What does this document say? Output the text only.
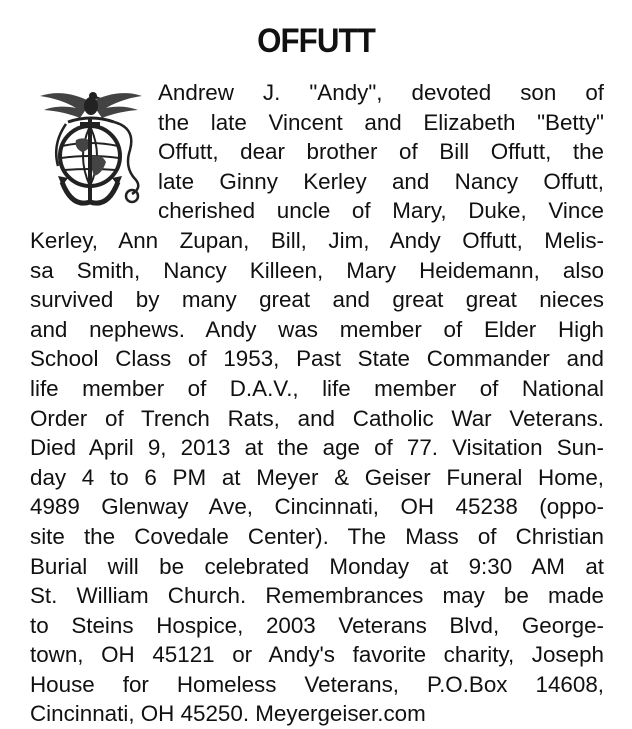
OFFUTT
Andrew J. "Andy", devoted son of
the late Vincent and Elizabeth "Betty"
Offutt, dear brother of Bill Offutt, the
late Ginny Kerley and Nancy Offutt,
cherished uncle of Mary, Duke, Vince
Kerley, Ann Zupan, Bill, Jim, Andy Offutt, Melis-
sa Smith, Nancy Killeen, Mary Heidemann, also
survived by many great and great great nieces
and nephews. Andy was member of Elder High
School Class of 1953, Past State Commander and
life member of D.A.V., life member of National
Order of Trench Rats, and Catholic War Veterans.
Died April 9, 2013 at the age of 77. Visitation Sun-
day 4 to 6 PM at Meyer & Geiser Funeral Home,
4989 Glenway Ave, Cincinnati, OH 45238 (oppo-
site the Covedale Center). The Mass of Christian
Burial will be celebrated Monday at 9:30 AM at
St. William Church. Remembrances may be made
to Steins Hospice, 2003 Veterans Blvd, George-
town, OH 45121 or Andy's favorite charity, Joseph
House for Homeless Veterans, P.O.Box 14608,
Cincinnati, OH 45250. Meyergeiser.com
